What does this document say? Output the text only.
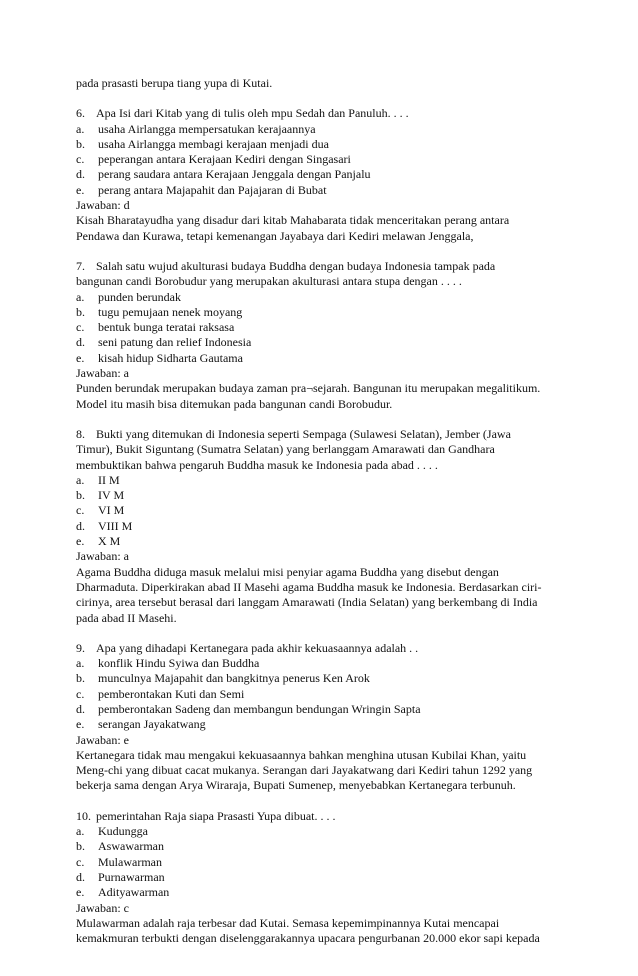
pada prasasti berupa tiang yupa di Kutai.
6. Apa Isi dari Kitab yang di tulis oleh mpu Sedah dan Panuluh. . . .
a. usaha Airlangga mempersatukan kerajaannya
b. usaha Airlangga membagi kerajaan menjadi dua
c. peperangan antara Kerajaan Kediri dengan Singasari
d. perang saudara antara Kerajaan Jenggala dengan Panjalu
e. perang antara Majapahit dan Pajajaran di Bubat
Jawaban: d
Kisah Bharatayudha yang disadur dari kitab Mahabarata tidak menceritakan perang antara
Pendawa dan Kurawa, tetapi kemenangan Jayabaya dari Kediri melawan Jenggala,
7. Salah satu wujud akulturasi budaya Buddha dengan budaya Indonesia tampak pada
bangunan candi Borobudur yang merupakan akulturasi antara stupa dengan . . . .
a. punden berundak
b. tugu pemujaan nenek moyang
c. bentuk bunga teratai raksasa
d. seni patung dan relief Indonesia
e. kisah hidup Sidharta Gautama
Jawaban: a
Punden berundak merupakan budaya zaman pra¬sejarah. Bangunan itu merupakan megalitikum.
Model itu masih bisa ditemukan pada bangunan candi Borobudur.
8. Bukti yang ditemukan di Indonesia seperti Sempaga (Sulawesi Selatan), Jember (Jawa
Timur), Bukit Siguntang (Sumatra Selatan) yang berlanggam Amarawati dan Gandhara
membuktikan bahwa pengaruh Buddha masuk ke Indonesia pada abad . . . .
a. II M
b. IV M
c. VI M
d. VIII M
e. X M
Jawaban: a
Agama Buddha diduga masuk melalui misi penyiar agama Buddha yang disebut dengan
Dharmaduta. Diperkirakan abad II Masehi agama Buddha masuk ke Indonesia. Berdasarkan ciri-
cirinya, area tersebut berasal dari langgam Amarawati (India Selatan) yang berkembang di India
pada abad II Masehi.
9. Apa yang dihadapi Kertanegara pada akhir kekuasaannya adalah . .
a. konflik Hindu Syiwa dan Buddha
b. munculnya Majapahit dan bangkitnya penerus Ken Arok
c. pemberontakan Kuti dan Semi
d. pemberontakan Sadeng dan membangun bendungan Wringin Sapta
e. serangan Jayakatwang
Jawaban: e
Kertanegara tidak mau mengakui kekuasaannya bahkan menghina utusan Kubilai Khan, yaitu
Meng-chi yang dibuat cacat mukanya. Serangan dari Jayakatwang dari Kediri tahun 1292 yang
bekerja sama dengan Arya Wiraraja, Bupati Sumenep, menyebabkan Kertanegara terbunuh.
10. pemerintahan Raja siapa Prasasti Yupa dibuat. . . .
a. Kudungga
b. Aswawarman
c. Mulawarman
d. Purnawarman
e. Adityawarman
Jawaban: c
Mulawarman adalah raja terbesar dad Kutai. Semasa kepemimpinannya Kutai mencapai
kemakmuran terbukti dengan diselenggarakannya upacara pengurbanan 20.000 ekor sapi kepada
